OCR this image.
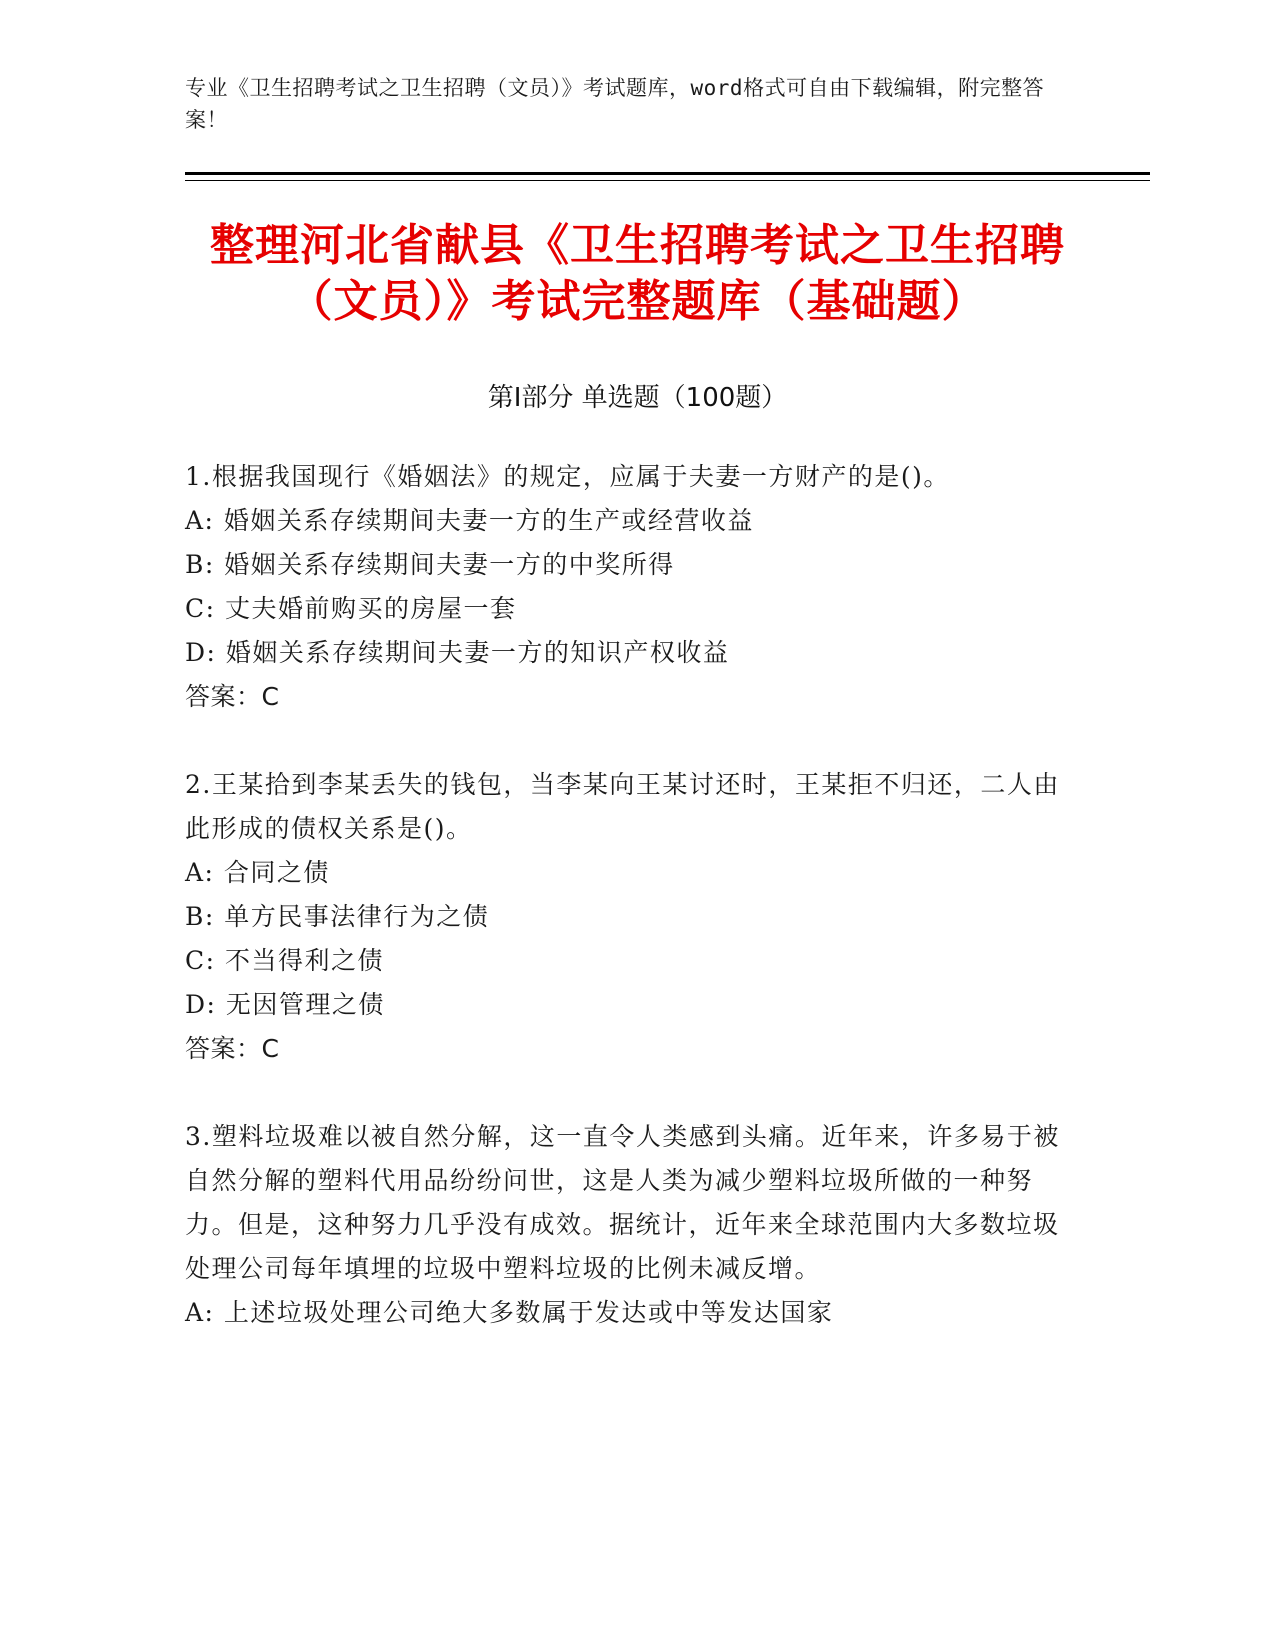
专业《卫生招聘考试之卫生招聘（文员）》考试题库，word格式可自由下载编辑，附完整答案！
整理河北省献县《卫生招聘考试之卫生招聘
（文员）》考试完整题库（基础题）
第Ⅰ部分 单选题（100题）

1.根据我国现行《婚姻法》的规定，应属于夫妻一方财产的是()。

A: 婚姻关系存续期间夫妻一方的生产或经营收益

B: 婚姻关系存续期间夫妻一方的中奖所得

C: 丈夫婚前购买的房屋一套

D: 婚姻关系存续期间夫妻一方的知识产权收益

答案：C

2.王某拾到李某丢失的钱包，当李某向王某讨还时，王某拒不归还，二人由此形成的债权关系是()。

A: 合同之债

B: 单方民事法律行为之债

C: 不当得利之债

D: 无因管理之债

答案：C

3.塑料垃圾难以被自然分解，这一直令人类感到头痛。近年来，许多易于被自然分解的塑料代用品纷纷问世，这是人类为减少塑料垃圾所做的一种努力。但是，这种努力几乎没有成效。据统计，近年来全球范围内大多数垃圾处理公司每年填埋的垃圾中塑料垃圾的比例未减反增。

A: 上述垃圾处理公司绝大多数属于发达或中等发达国家
